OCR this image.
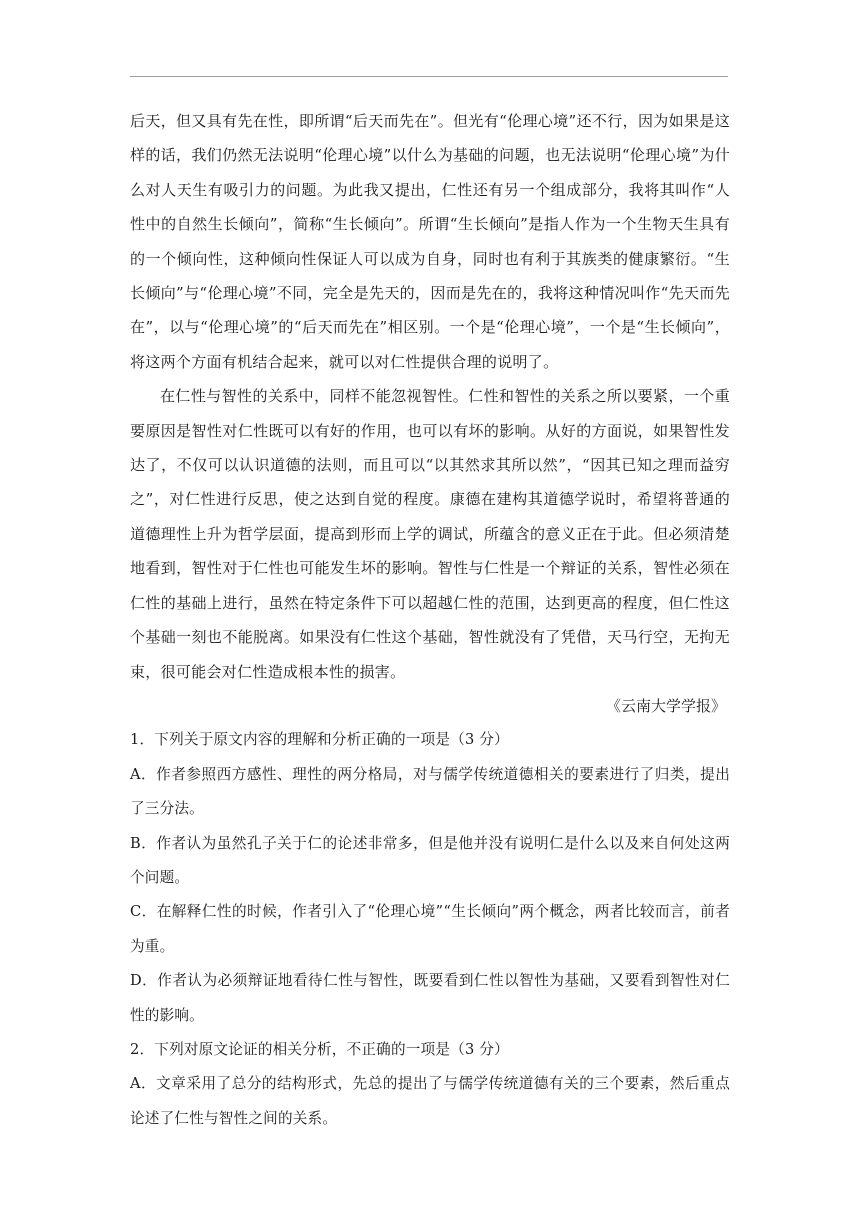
后天，但又具有先在性，即所谓“后天而先在”。但光有“伦理心境”还不行，因为如果是这样的话，我们仍然无法说明“伦理心境”以什么为基础的问题，也无法说明“伦理心境”为什么对人天生有吸引力的问题。为此我又提出，仁性还有另一个组成部分，我将其叫作“人性中的自然生长倾向”，简称“生长倾向”。所谓“生长倾向”是指人作为一个生物天生具有的一个倾向性，这种倾向性保证人可以成为自身，同时也有利于其族类的健康繁衍。“生长倾向”与“伦理心境”不同，完全是先天的，因而是先在的，我将这种情况叫作“先天而先在”，以与“伦理心境”的“后天而先在”相区别。一个是“伦理心境”，一个是“生长倾向”，将这两个方面有机结合起来，就可以对仁性提供合理的说明了。

在仁性与智性的关系中，同样不能忽视智性。仁性和智性的关系之所以要紧，一个重要原因是智性对仁性既可以有好的作用，也可以有坏的影响。从好的方面说，如果智性发达了，不仅可以认识道德的法则，而且可以“以其然求其所以然”，“因其已知之理而益穷之”，对仁性进行反思，使之达到自觉的程度。康德在建构其道德学说时，希望将普通的道德理性上升为哲学层面，提高到形而上学的调试，所蕴含的意义正在于此。但必须清楚地看到，智性对于仁性也可能发生坏的影响。智性与仁性是一个辩证的关系，智性必须在仁性的基础上进行，虽然在特定条件下可以超越仁性的范围，达到更高的程度，但仁性这个基础一刻也不能脱离。如果没有仁性这个基础，智性就没有了凭借，天马行空，无拘无束，很可能会对仁性造成根本性的损害。

《云南大学学报》

1．下列关于原文内容的理解和分析正确的一项是（3 分）

A．作者参照西方感性、理性的两分格局，对与儒学传统道德相关的要素进行了归类，提出了三分法。

B．作者认为虽然孔子关于仁的论述非常多，但是他并没有说明仁是什么以及来自何处这两个问题。

C．在解释仁性的时候，作者引入了“伦理心境”“生长倾向”两个概念，两者比较而言，前者为重。

D．作者认为必须辩证地看待仁性与智性，既要看到仁性以智性为基础，又要看到智性对仁性的影响。

2．下列对原文论证的相关分析，不正确的一项是（3 分）

A．文章采用了总分的结构形式，先总的提出了与儒学传统道德有关的三个要素，然后重点论述了仁性与智性之间的关系。
